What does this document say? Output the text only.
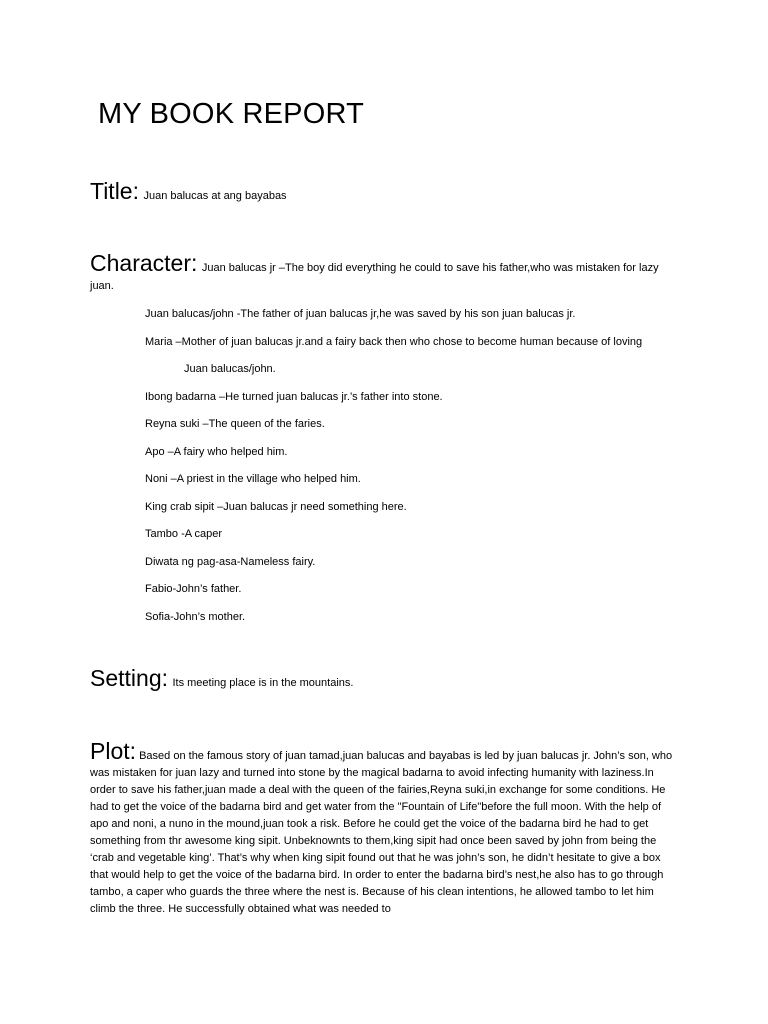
MY BOOK REPORT
Title: Juan balucas at ang bayabas
Character: Juan balucas jr –The boy did everything he could to save his father,who was mistaken for lazy
juan.
Juan balucas/john -The father of juan balucas jr,he was saved by his son juan balucas jr.
Maria –Mother of juan balucas jr.and a fairy back then who chose to become human because of loving
Juan balucas/john.
Ibong badarna –He turned juan balucas jr.’s father into stone.
Reyna suki –The queen of the faries.
Apo –A fairy who helped him.
Noni –A priest in the village who helped him.
King crab sipit –Juan balucas jr need something here.
Tambo -A caper
Diwata ng pag-asa-Nameless fairy.
Fabio-John’s father.
Sofia-John’s mother.
Setting: Its meeting place is in the mountains.
Plot: Based on the famous story of juan tamad,juan balucas and bayabas is led by juan balucas jr. John’s son, who was mistaken for juan lazy and turned into stone by the magical badarna to avoid infecting humanity with laziness.In order to save his father,juan made a deal with the queen of the fairies,Reyna suki,in exchange for some conditions. He had to get the voice of the badarna bird and get water from the "Fountain of Life"before the full moon. With the help of apo and noni, a nuno in the mound,juan took a risk. Before he could get the voice of the badarna bird he had to get something from thr awesome king sipit. Unbeknownts to them,king sipit had once been saved by john from being the ‘crab and vegetable king’. That’s why when king sipit found out that he was john’s son, he didn’t hesitate to give a box that would help to get the voice of the badarna bird. In order to enter the badarna bird’s nest,he also has to go through tambo, a caper who guards the three where the nest is. Because of his clean intentions, he allowed tambo to let him climb the three. He successfully obtained what was needed to
